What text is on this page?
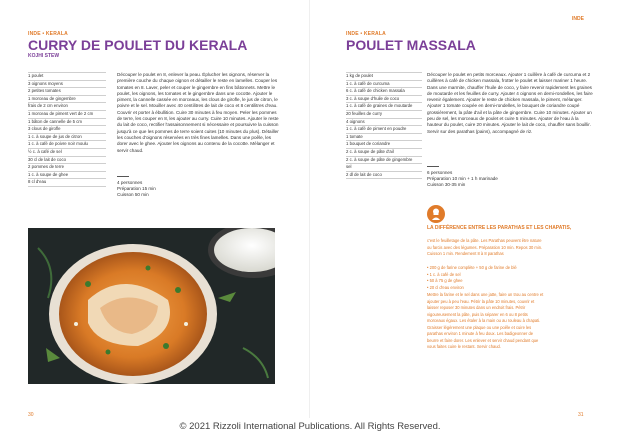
INDE • KERALA
CURRY DE POULET DU KERALA
KOJHI STEW
1 poulet
3 oignons moyens
2 petites tomates
1 morceau de gingembre
frais de 2 cm environ
1 morceau de piment vert de 2 cm
1 bâton de cannelle de 5 cm
3 clous de girofle
1 c. à soupe de jus de citron
1 c. à café de poivre noir moulu
½ c. à café de sel
30 cl de lait de coco
2 pommes de terre
1 c. à soupe de ghee
8 cl d'eau

Découper le poulet en 8, enlever la peau. Éplucher les oignons, réserver la première couche du chaque oignon et détailler le reste en lamelles. Couper les tomates en 8. Laver, peler et couper le gingembre en fins bâtonnets. Mettre le poulet, les oignons, les tomates et le gingembre dans une cocotte. Ajouter le piment, la cannelle cassée en morceaux, les clous de girofle, le jus de citron, le poivre et le sel. Mouiller avec 40 centilitres de lait de coco et 8 centilitres d'eau. Couvrir et porter à ébullition. Cuire 30 minutes à feu moyen. Peler les pommes de terre, les couper en 8, les ajouter au curry. Cuire 10 minutes. Ajouter le reste du lait de coco, rectifier l'assaisonnement si nécessaire et poursuivre la cuisson jusqu'à ce que les pommes de terre soient cuites (10 minutes du plus). Détailler les couches d'oignons réservées en très fines lamelles. Dans une poêle, les dorer avec le ghee. Ajouter les oignons au contenu de la cocotte. Mélanger et servir chaud.

4 personnes
Préparation 15 min
Cuisson 50 min
30
INDE
INDE • KERALA
POULET MASSALA
1 kg de poulet
1 c. à café de curcuma
6 c. à café de chicken massala
3 c. à soupe d'huile de coco
1 c. à café de graines de moutarde
20 feuilles de curry
4 oignons
1 c. à café de piment en poudre
1 tomate
1 bouquet de coriandre
2 c. à soupe de pâte d'ail
2 c. à soupe de pâte de gingembre
sel
2 dl de lait de coco

Découper le poulet en petits morceaux. Ajouter 1 cuillère à café de curcuma et 2 cuillères à café de chicken massala, frotter le poulet et laisser mariner 1 heure. Dans une marmite, chauffer l'huile de coco, y faire revenir rapidement les graines de moutarde et les feuilles de curry. Ajouter 4 oignons en demi-rondelles, les faire revenir également. Ajouter le reste de chicken massala, le piment, mélanger. Ajouter 1 tomate coupée en demi-rondelles, le bouquet de coriandre coupé grossièrement, la pâte d'ail et la pâte de gingembre. Cuire 10 minutes. Ajouter un peu de sel, les morceaux de poulet et cuire 5 minutes. Ajouter de l'eau à la hauteur du poulet, cuire 20 minutes. Ajouter le lait de coco, chauffer sans bouillir. Servir sur des parathas (pains), accompagné de riz.

6 personnes
Préparation 10 min + 1 h marinade
Cuisson 30-35 min
31
LA DIFFÉRENCE ENTRE LES PARATHAS ET LES CHAPATIS,

c'est le feuilletage de la pâte. Les Parathas peuvent être nature ou farcis avec des légumes. Préparation 10 min. Repos 30 min. Cuisson 1 min. Rendement 8 à 8 parathas

• 200 g de farine complète + 50 g de farine de blé
• 1 c. à café de sel
• 50 à 75 g de ghee
• 20 cl d'eau environ

Mettre la farine et le sel dans une jatte, faire un trou au centre et ajouter peu à peu l'eau. Pétrir la pâte 10 minutes, couvrir et laisser reposer 30 minutes dans un endroit frais. Pétrir vigoureusement la pâte, puis la séparer en 6 ou 8 petits morceaux égaux. Les étaler à la main ou au rouleau à chapati. Graisser légèrement une plaque ou une poêle et cuire les parathas environ 1 minute à feu doux. Les badigeonner de beurre et faire dorer. Les enlever et servir chaud pendant que vous faites cuire le restant. Servir chaud.

© 2021 Rizzoli International Publications. All Rights Reserved.
